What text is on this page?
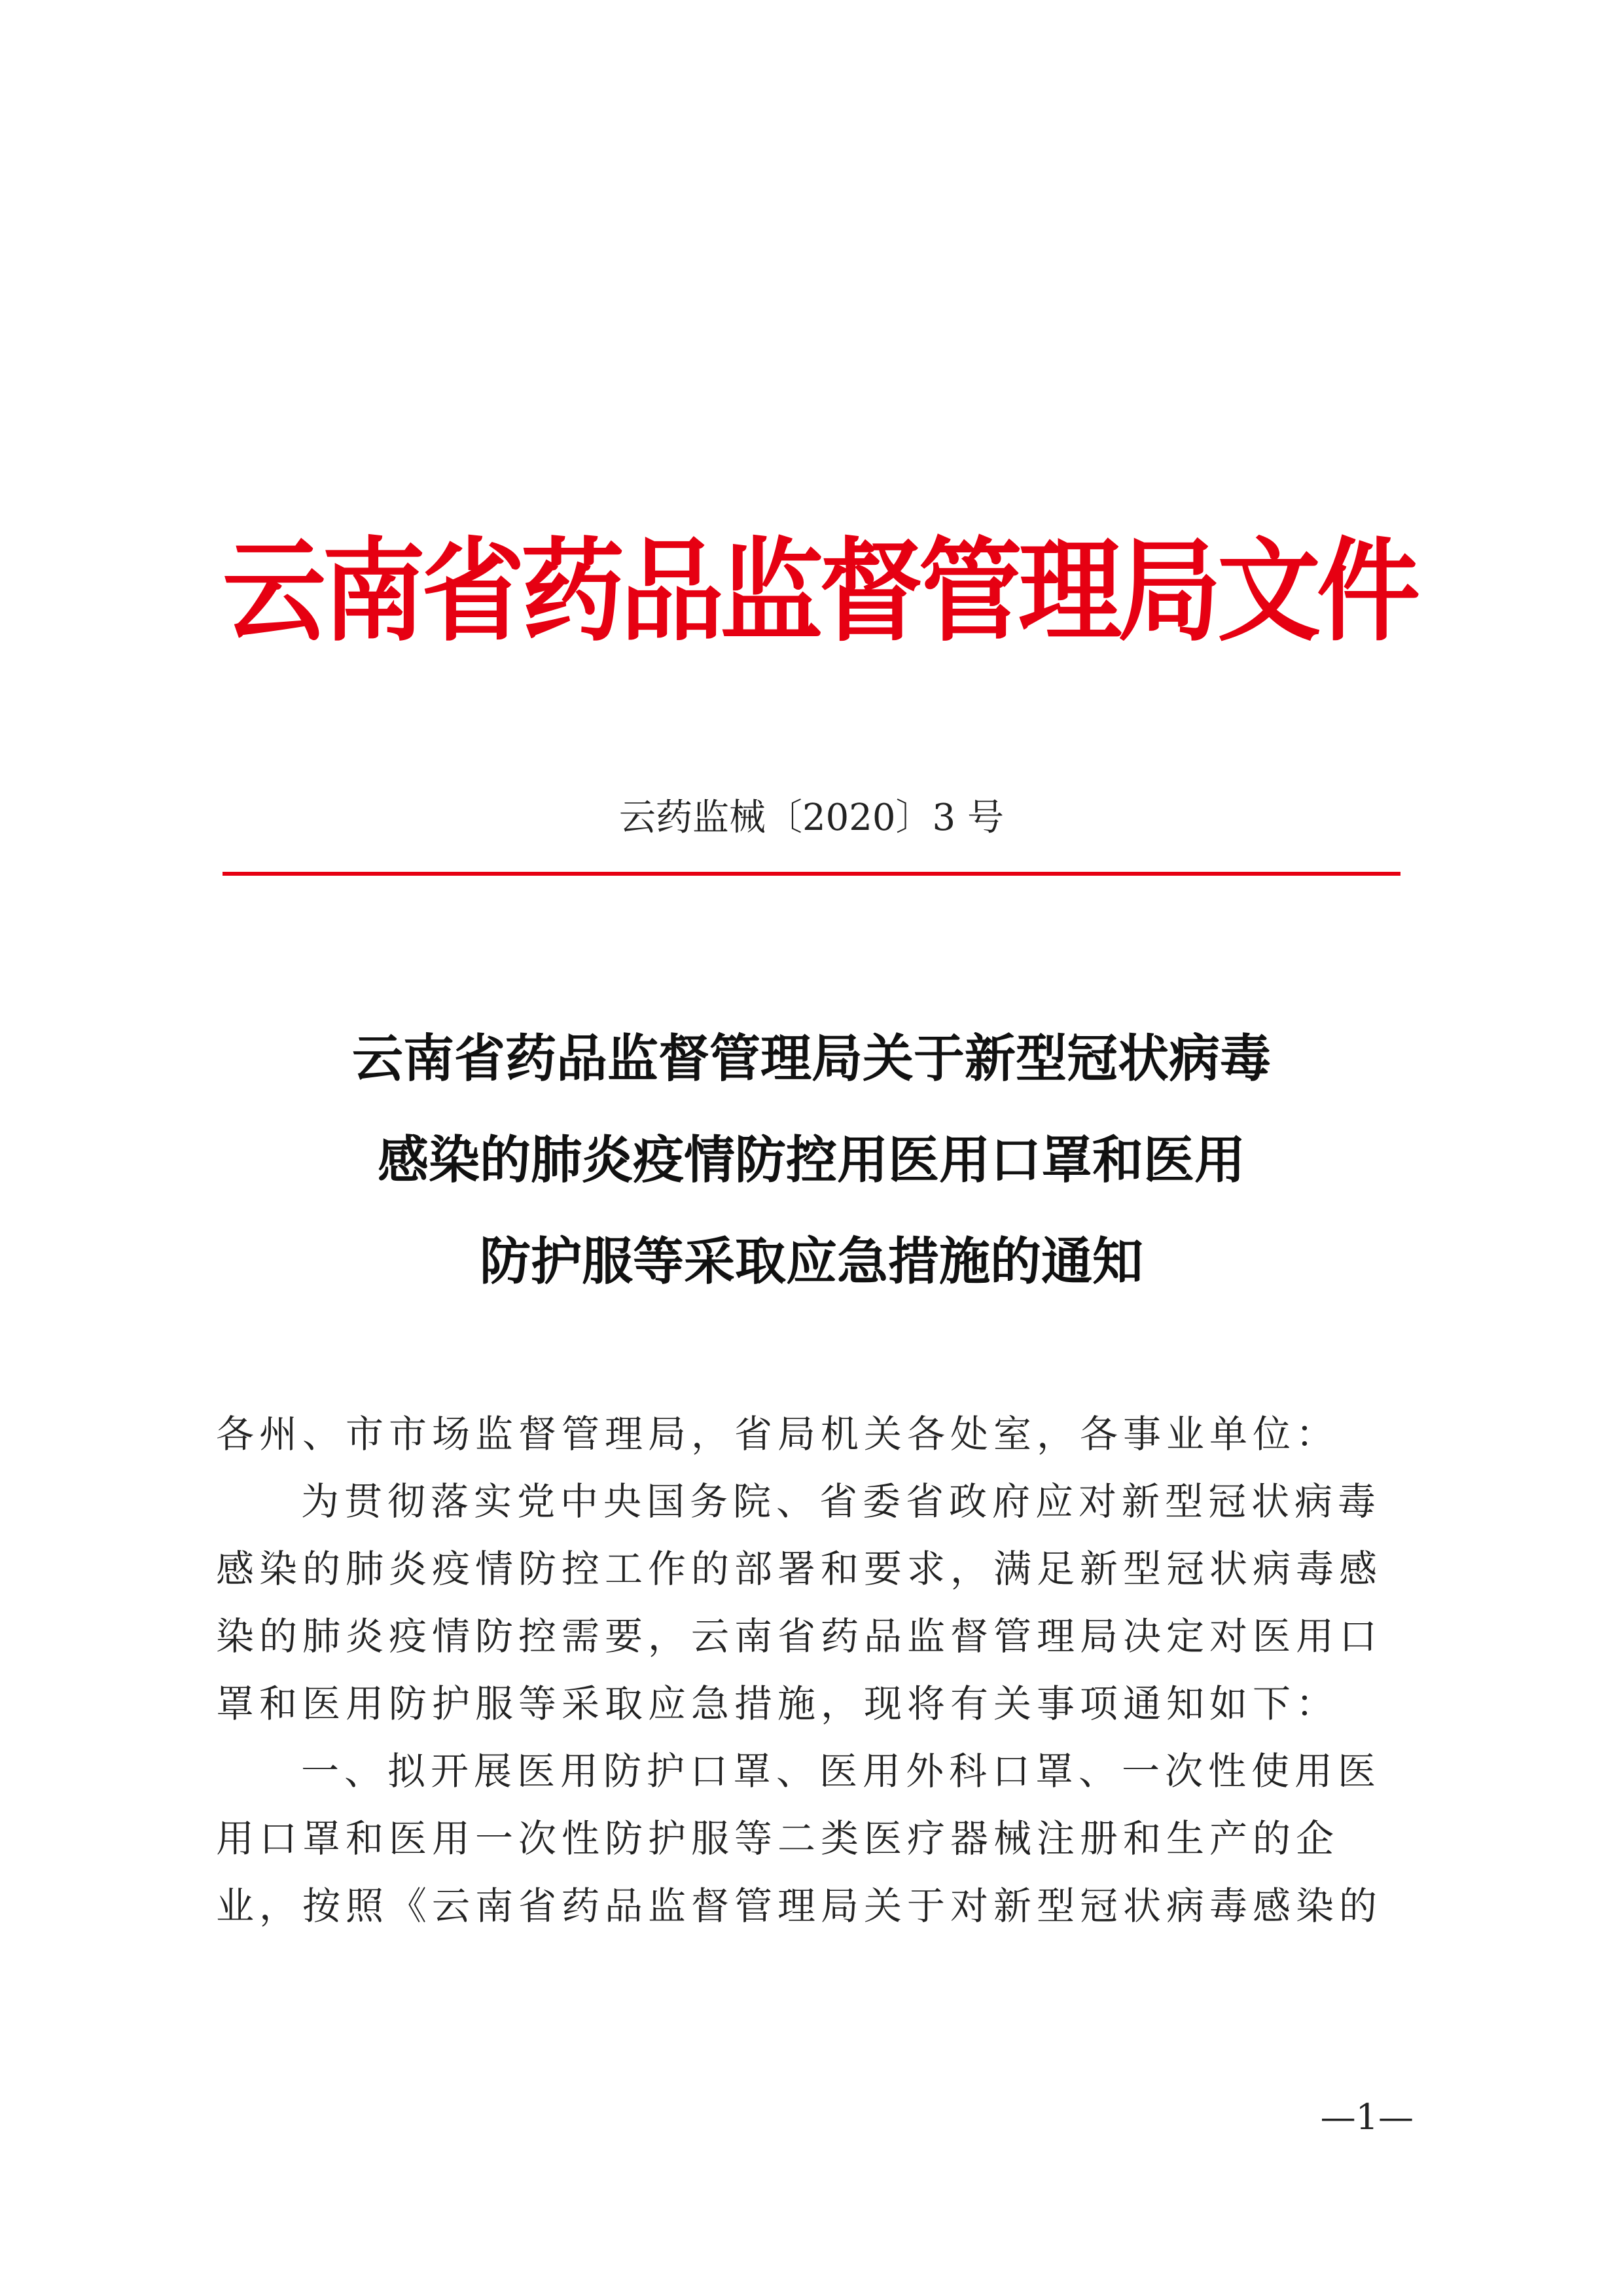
云南省药品监督管理局文件
云药监械〔2020〕3 号
云南省药品监督管理局关于新型冠状病毒
感染的肺炎疫情防控用医用口罩和医用
防护服等采取应急措施的通知
各州、市市场监督管理局，省局机关各处室，各事业单位：
为贯彻落实党中央国务院、省委省政府应对新型冠状病毒
感染的肺炎疫情防控工作的部署和要求，满足新型冠状病毒感
染的肺炎疫情防控需要，云南省药品监督管理局决定对医用口
罩和医用防护服等采取应急措施，现将有关事项通知如下：
一、拟开展医用防护口罩、医用外科口罩、一次性使用医
用口罩和医用一次性防护服等二类医疗器械注册和生产的企
业，按照《云南省药品监督管理局关于对新型冠状病毒感染的
—1—
